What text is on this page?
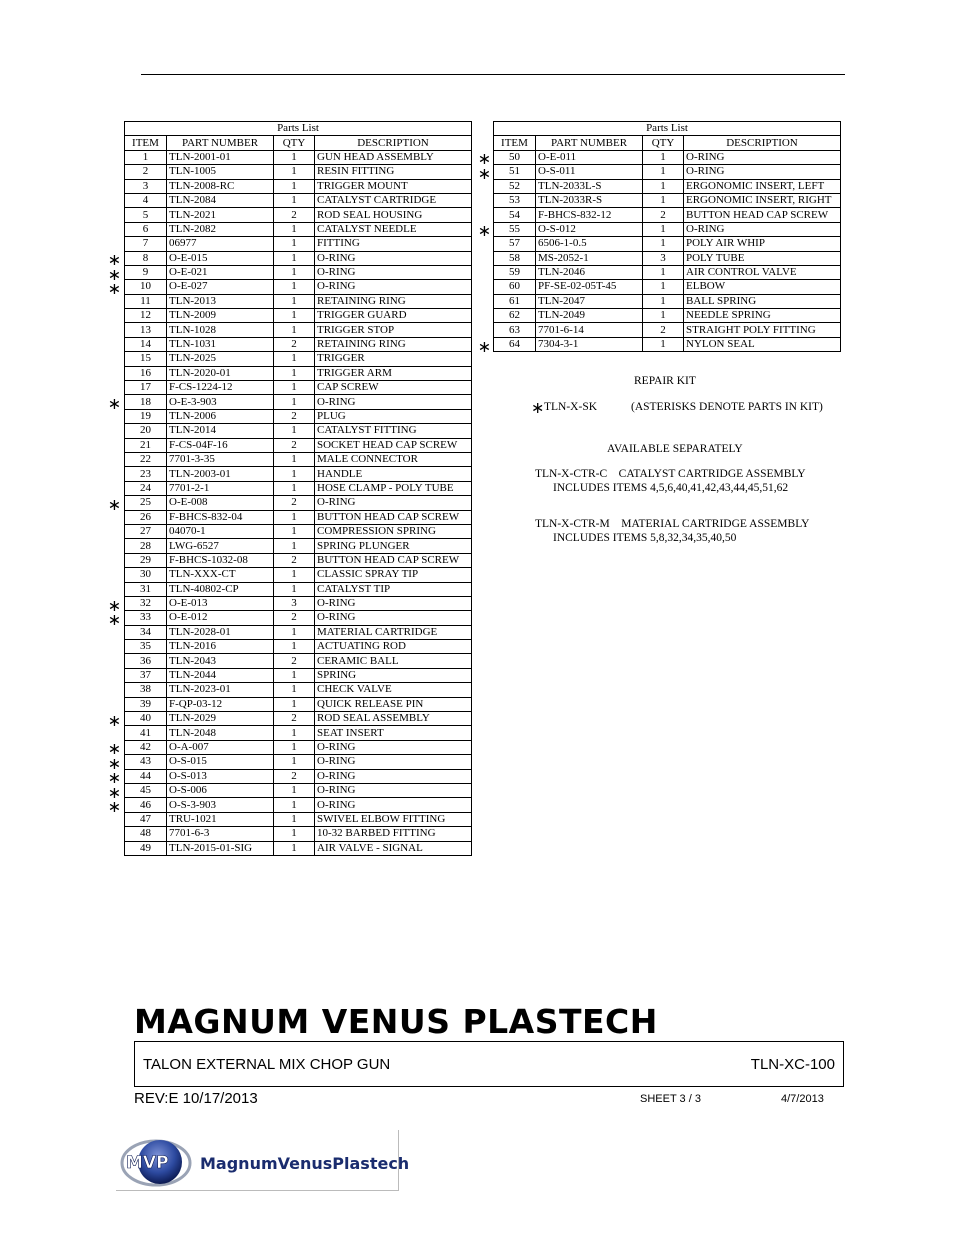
Parts List			
ITEM	PART NUMBER	QTY	DESCRIPTION
1	TLN-2001-01	1	GUN HEAD ASSEMBLY
2	TLN-1005	1	RESIN FITTING
3	TLN-2008-RC	1	TRIGGER MOUNT
4	TLN-2084	1	CATALYST CARTRIDGE
5	TLN-2021	2	ROD SEAL HOUSING
6	TLN-2082	1	CATALYST NEEDLE
7	06977	1	FITTING
8	O-E-015	1	O-RING
9	O-E-021	1	O-RING
10	O-E-027	1	O-RING
11	TLN-2013	1	RETAINING RING
12	TLN-2009	1	TRIGGER GUARD
13	TLN-1028	1	TRIGGER STOP
14	TLN-1031	2	RETAINING RING
15	TLN-2025	1	TRIGGER
16	TLN-2020-01	1	TRIGGER ARM
17	F-CS-1224-12	1	CAP SCREW
18	O-E-3-903	1	O-RING
19	TLN-2006	2	PLUG
20	TLN-2014	1	CATALYST FITTING
21	F-CS-04F-16	2	SOCKET HEAD CAP SCREW
22	7701-3-35	1	MALE CONNECTOR
23	TLN-2003-01	1	HANDLE
24	7701-2-1	1	HOSE CLAMP - POLY TUBE
25	O-E-008	2	O-RING
26	F-BHCS-832-04	1	BUTTON HEAD CAP SCREW
27	04070-1	1	COMPRESSION SPRING
28	LWG-6527	1	SPRING PLUNGER
29	F-BHCS-1032-08	2	BUTTON HEAD CAP SCREW
30	TLN-XXX-CT	1	CLASSIC SPRAY TIP
31	TLN-40802-CP	1	CATALYST TIP
32	O-E-013	3	O-RING
33	O-E-012	2	O-RING
34	TLN-2028-01	1	MATERIAL CARTRIDGE
35	TLN-2016	1	ACTUATING ROD
36	TLN-2043	2	CERAMIC BALL
37	TLN-2044	1	SPRING
38	TLN-2023-01	1	CHECK VALVE
39	F-QP-03-12	1	QUICK RELEASE PIN
40	TLN-2029	2	ROD SEAL ASSEMBLY
41	TLN-2048	1	SEAT INSERT
42	O-A-007	1	O-RING
43	O-S-015	1	O-RING
44	O-S-013	2	O-RING
45	O-S-006	1	O-RING
46	O-S-3-903	1	O-RING
47	TRU-1021	1	SWIVEL ELBOW FITTING
48	7701-6-3	1	10-32 BARBED FITTING
49	TLN-2015-01-SIG	1	AIR VALVE - SIGNAL
Parts List			
ITEM	PART NUMBER	QTY	DESCRIPTION
50	O-E-011	1	O-RING
51	O-S-011	1	O-RING
52	TLN-2033L-S	1	ERGONOMIC INSERT, LEFT
53	TLN-2033R-S	1	ERGONOMIC INSERT, RIGHT
54	F-BHCS-832-12	2	BUTTON HEAD CAP SCREW
55	O-S-012	1	O-RING
57	6506-1-0.5	1	POLY AIR WHIP
58	MS-2052-1	3	POLY TUBE
59	TLN-2046	1	AIR CONTROL VALVE
60	PF-SE-02-05T-45	1	ELBOW
61	TLN-2047	1	BALL SPRING
62	TLN-2049	1	NEEDLE SPRING
63	7701-6-14	2	STRAIGHT POLY FITTING
64	7304-3-1	1	NYLON SEAL
∗
∗
∗
∗
∗
∗
∗
∗
∗
∗
∗
∗
∗
∗
∗
∗
∗
REPAIR KIT
∗ TLN-X-SK	(ASTERISKS DENOTE PARTS IN KIT)
AVAILABLE SEPARATELY
TLN-X-CTR-C    CATALYST CARTRIDGE ASSEMBLY
INCLUDES ITEMS 4,5,6,40,41,42,43,44,45,51,62
TLN-X-CTR-M    MATERIAL CARTRIDGE ASSEMBLY
INCLUDES ITEMS 5,8,32,34,35,40,50
MAGNUM VENUS PLASTECH
TALON EXTERNAL MIX CHOP GUN	TLN-XC-100
REV:E 10/17/2013	SHEET 3 / 3	4/7/2013
MVP MagnumVenusPlastech
